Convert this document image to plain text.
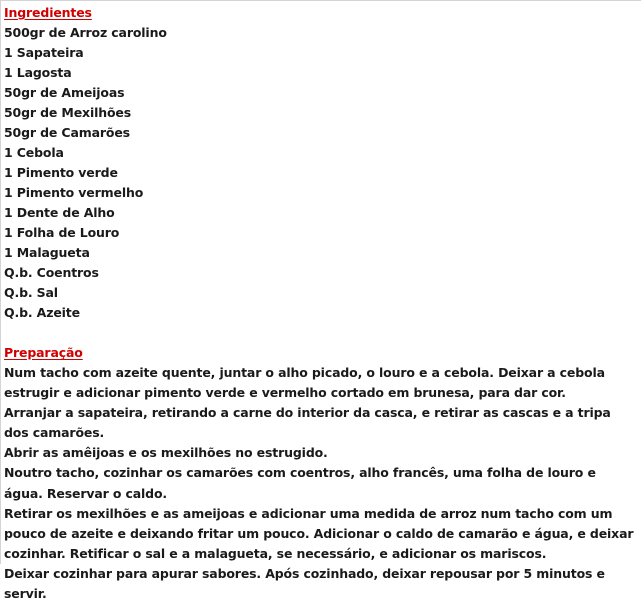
Ingredientes
500gr de Arroz carolino
1 Sapateira
1 Lagosta
50gr de Ameijoas
50gr de Mexilhões
50gr de Camarões
1 Cebola
1 Pimento verde
1 Pimento vermelho
1 Dente de Alho
1 Folha de Louro
1 Malagueta
Q.b. Coentros
Q.b. Sal
Q.b. Azeite
Preparação
Num tacho com azeite quente, juntar o alho picado, o louro e a cebola. Deixar a cebola estrugir e adicionar pimento verde e vermelho cortado em brunesa, para dar cor.
Arranjar a sapateira, retirando a carne do interior da casca, e retirar as cascas e a tripa dos camarões.
Abrir as amêijoas e os mexilhões no estrugido.
Noutro tacho, cozinhar os camarões com coentros, alho francês, uma folha de louro e água. Reservar o caldo.
Retirar os mexilhões e as ameijoas e adicionar uma medida de arroz num tacho com um pouco de azeite e deixando fritar um pouco. Adicionar o caldo de camarão e água, e deixar cozinhar. Retificar o sal e a malagueta, se necessário, e adicionar os mariscos.
Deixar cozinhar para apurar sabores. Após cozinhado, deixar repousar por 5 minutos e servir.
